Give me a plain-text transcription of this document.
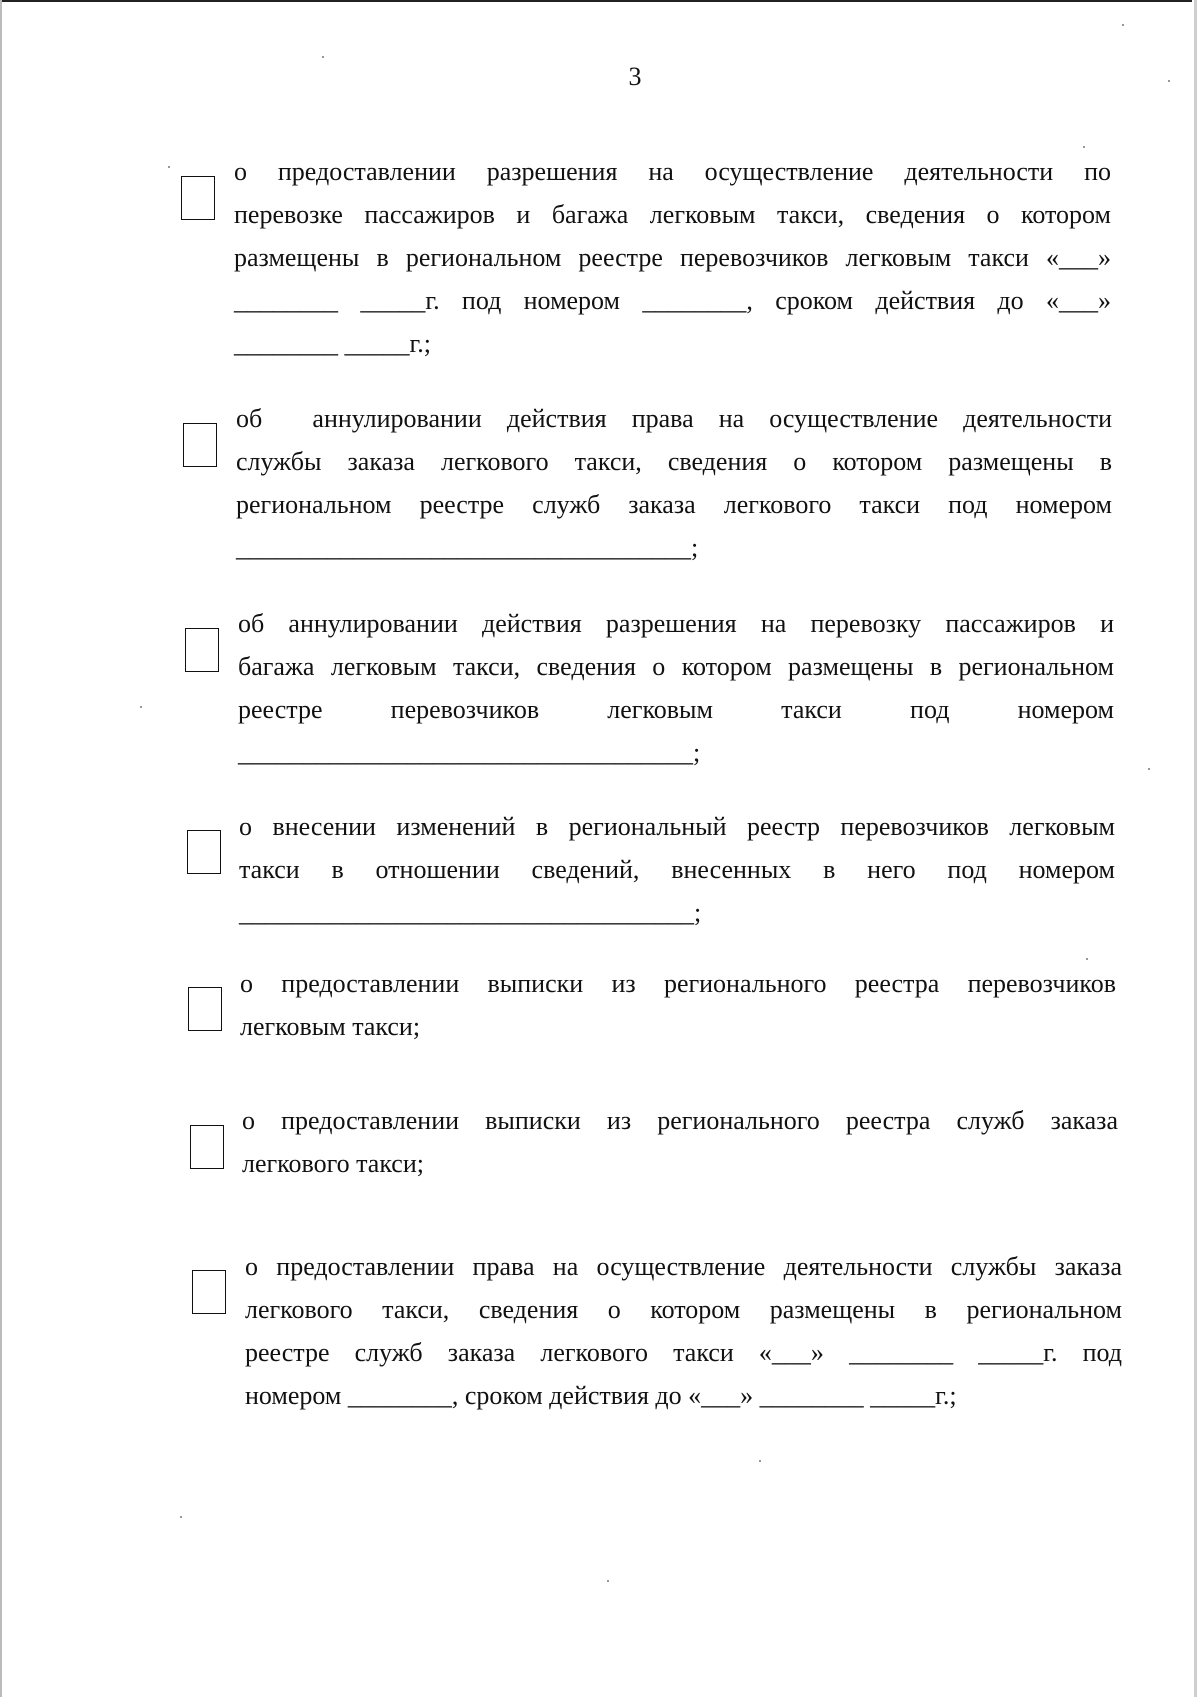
3
о предоставлении разрешения на осуществление деятельности по
перевозке пассажиров и багажа легковым такси, сведения о котором
размещены в региональном реестре перевозчиков легковым такси «___»
________ _____г. под номером ________, сроком действия до «___»
________ _____г.;
об  аннулировании действия права на осуществление деятельности
службы заказа легкового такси, сведения о котором размещены в
региональном реестре служб заказа легкового такси под номером
___________________________________;
об аннулировании действия разрешения на перевозку пассажиров и
багажа легковым такси, сведения о котором размещены в региональном
реестре перевозчиков легковым такси под номером
___________________________________;
о внесении изменений в региональный реестр перевозчиков легковым
такси в отношении сведений, внесенных в него под номером
___________________________________;
о предоставлении выписки из регионального реестра перевозчиков
легковым такси;
о предоставлении выписки из регионального реестра служб заказа
легкового такси;
о предоставлении права на осуществление деятельности службы заказа
легкового такси, сведения о котором размещены в региональном
реестре служб заказа легкового такси «___» ________ _____г. под
номером ________, сроком действия до «___» ________ _____г.;
